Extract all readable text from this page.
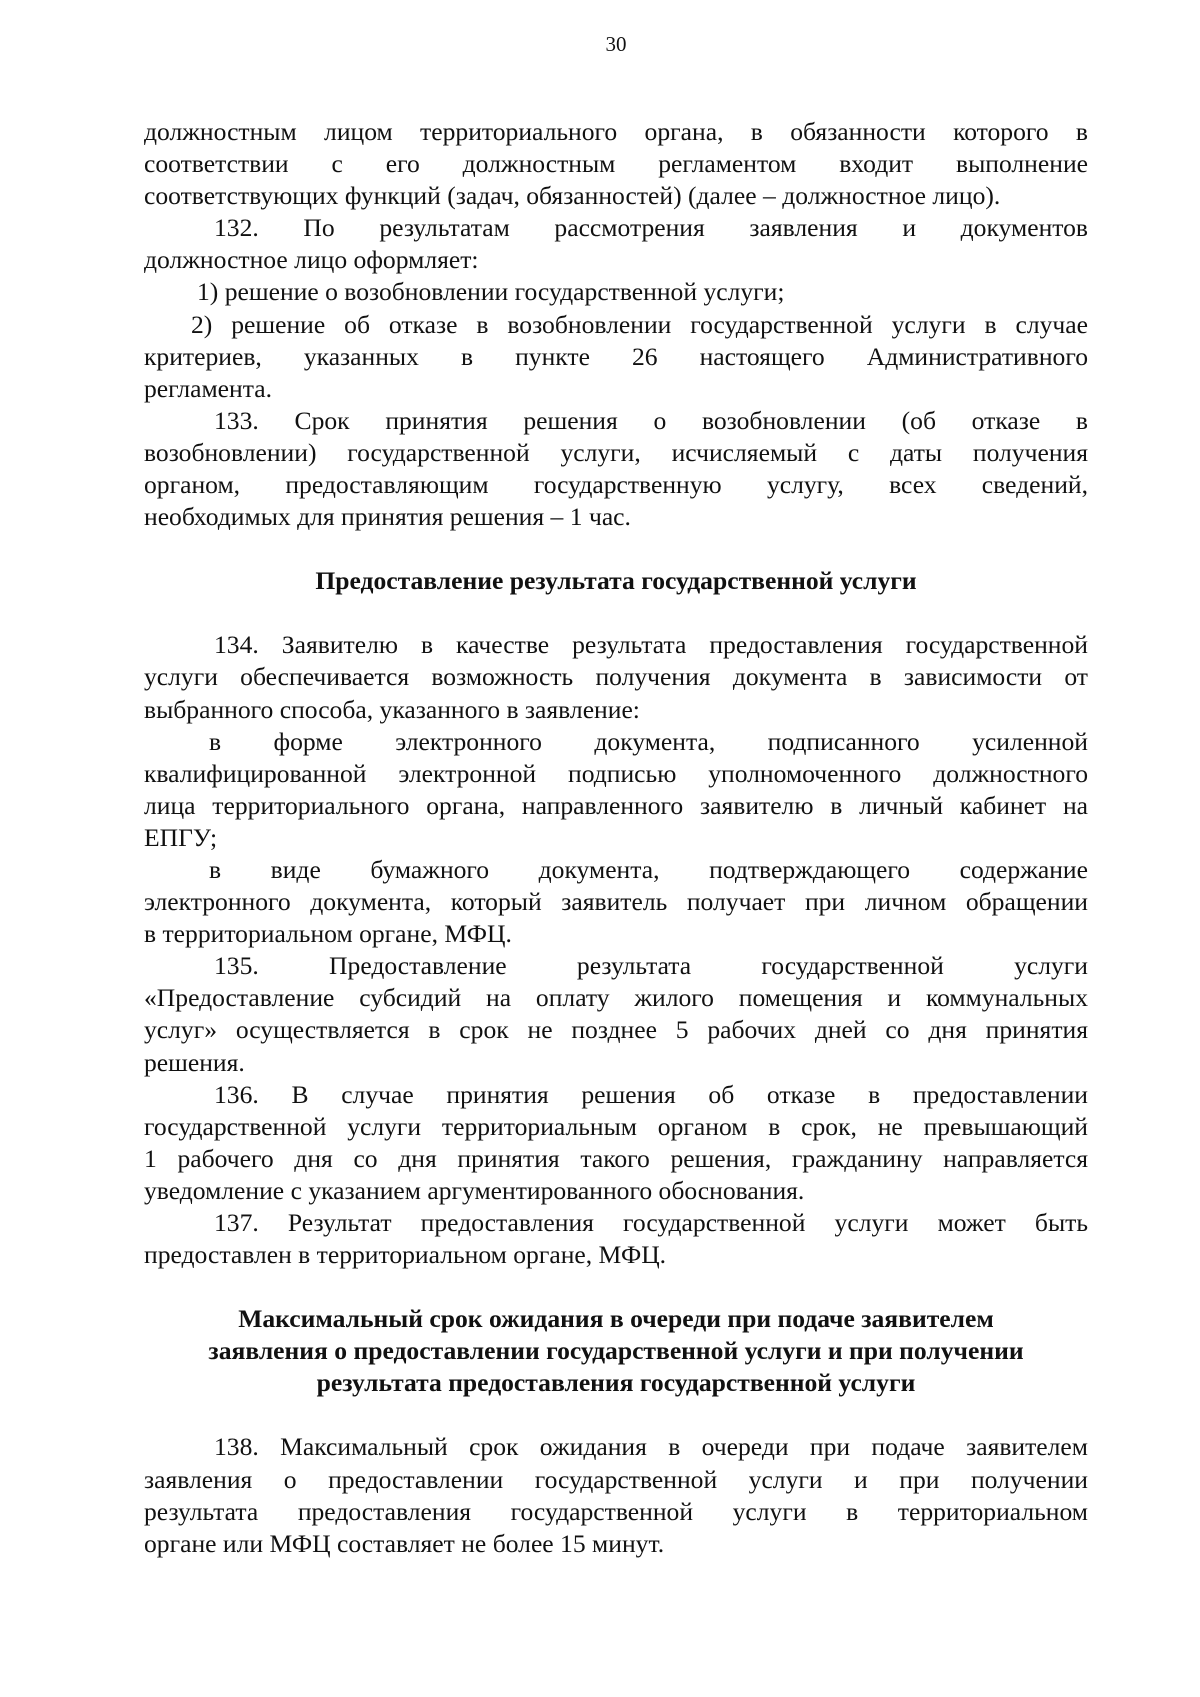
30

должностным лицом территориального органа, в обязанности которого в

соответствии с его должностным регламентом входит выполнение

соответствующих функций (задач, обязанностей) (далее – должностное лицо).

132. По результатам рассмотрения заявления и документов

должностное лицо оформляет:

1) решение о возобновлении государственной услуги;

2) решение об отказе в возобновлении государственной услуги в случае

критериев, указанных в пункте 26 настоящего Административного

регламента.

133. Срок принятия решения о возобновлении (об отказе в

возобновлении) государственной услуги, исчисляемый с даты получения

органом, предоставляющим государственную услугу, всех сведений,

необходимых для принятия решения – 1 час.

Предоставление результата государственной услуги

134. Заявителю в качестве результата предоставления государственной

услуги обеспечивается возможность получения документа в зависимости от

выбранного способа, указанного в заявление:

в форме электронного документа, подписанного усиленной

квалифицированной электронной подписью уполномоченного должностного

лица территориального органа, направленного заявителю в личный кабинет на

ЕПГУ;

в виде бумажного документа, подтверждающего содержание

электронного документа, который заявитель получает при личном обращении

в территориальном органе, МФЦ.

135. Предоставление результата государственной услуги

«Предоставление субсидий на оплату жилого помещения и коммунальных

услуг» осуществляется в срок не позднее 5 рабочих дней со дня принятия

решения.

136. В случае принятия решения об отказе в предоставлении

государственной услуги территориальным органом в срок, не превышающий

1 рабочего дня со дня принятия такого решения, гражданину направляется

уведомление с указанием аргументированного обоснования.

137. Результат предоставления государственной услуги может быть

предоставлен в территориальном органе, МФЦ.

Максимальный срок ожидания в очереди при подаче заявителем

заявления о предоставлении государственной услуги и при получении

результата предоставления государственной услуги

138. Максимальный срок ожидания в очереди при подаче заявителем

заявления о предоставлении государственной услуги и при получении

результата предоставления государственной услуги в территориальном

органе или МФЦ составляет не более 15 минут.
